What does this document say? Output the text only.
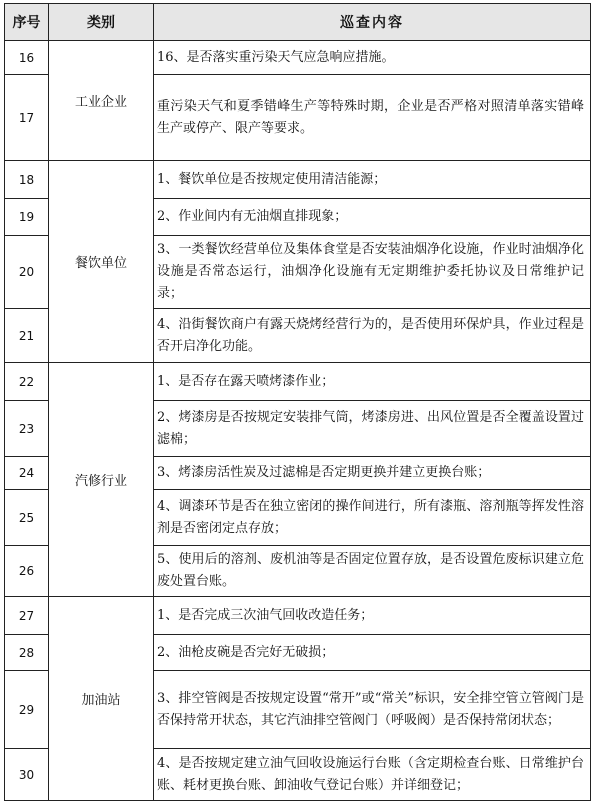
序号	类别	巡查内容
16	工业企业	16、是否落实重污染天气应急响应措施。
17		重污染天气和夏季错峰生产等特殊时期，企业是否严格对照清单落实错峰生产或停产、限产等要求。
18	餐饮单位	1、餐饮单位是否按规定使用清洁能源；
19		2、作业间内有无油烟直排现象；
20		3、一类餐饮经营单位及集体食堂是否安装油烟净化设施，作业时油烟净化设施是否常态运行，油烟净化设施有无定期维护委托协议及日常维护记录；
21		4、沿街餐饮商户有露天烧烤经营行为的，是否使用环保炉具，作业过程是否开启净化功能。
22	汽修行业	1、是否存在露天喷烤漆作业；
23		2、烤漆房是否按规定安装排气筒，烤漆房进、出风位置是否全覆盖设置过滤棉；
24		3、烤漆房活性炭及过滤棉是否定期更换并建立更换台账；
25		4、调漆环节是否在独立密闭的操作间进行，所有漆瓶、溶剂瓶等挥发性溶剂是否密闭定点存放；
26		5、使用后的溶剂、废机油等是否固定位置存放，是否设置危废标识建立危废处置台账。
27	加油站	1、是否完成三次油气回收改造任务；
28		2、油枪皮碗是否完好无破损；
29		3、排空管阀是否按规定设置“常开”或“常关”标识，安全排空管立管阀门是否保持常开状态，其它汽油排空管阀门（呼吸阀）是否保持常闭状态；
30		4、是否按规定建立油气回收设施运行台账（含定期检查台账、日常维护台账、耗材更换台账、卸油收气登记台账）并详细登记；
